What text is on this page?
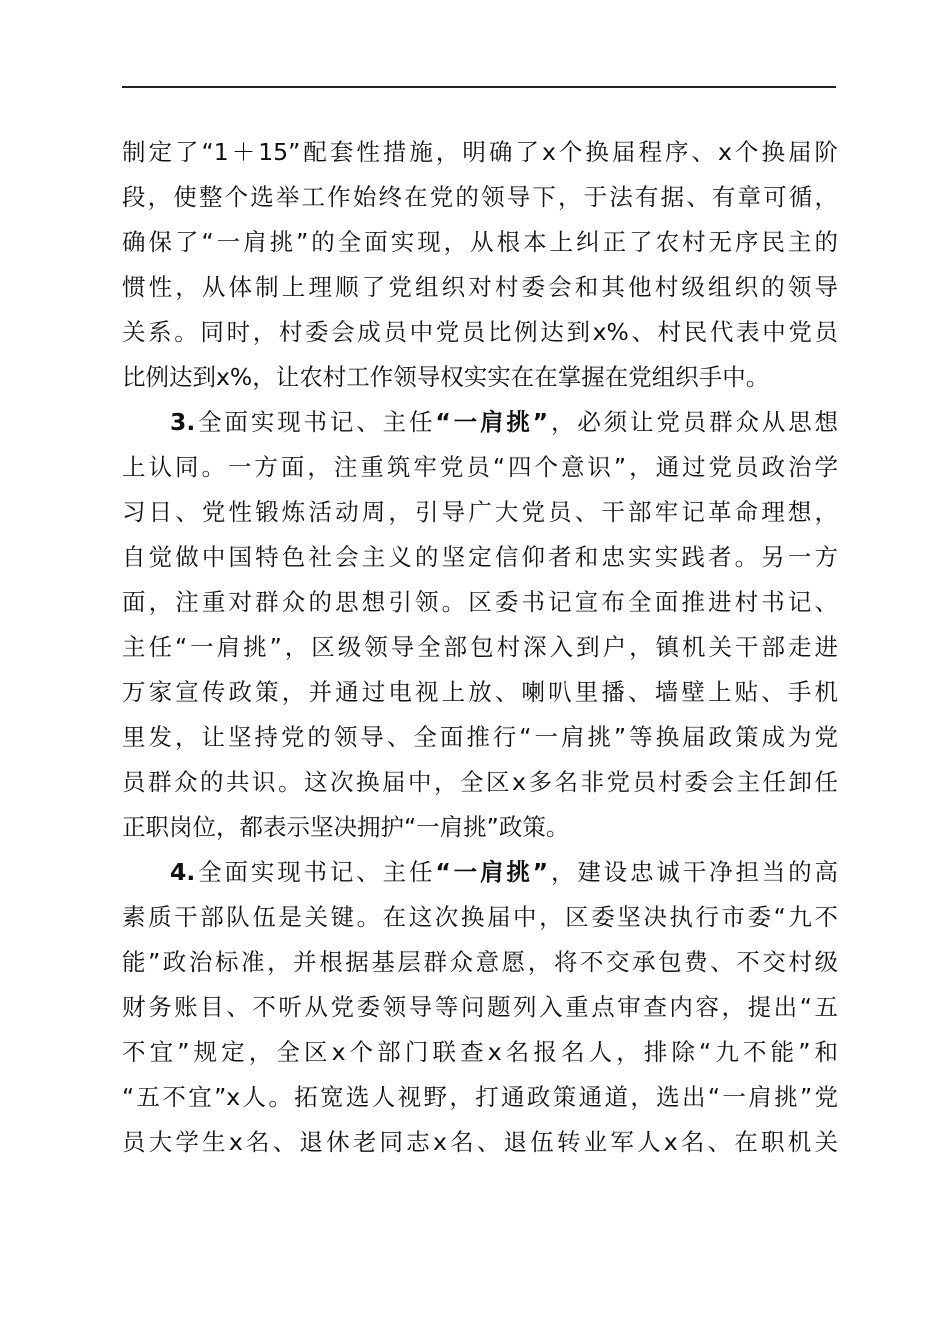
制定了“1＋15”配套性措施，明确了x个换届程序、x个换届阶
段，使整个选举工作始终在党的领导下，于法有据、有章可循，
确保了“一肩挑”的全面实现，从根本上纠正了农村无序民主的
惯性，从体制上理顺了党组织对村委会和其他村级组织的领导
关系。同时，村委会成员中党员比例达到x%、村民代表中党员
比例达到x%，让农村工作领导权实实在在掌握在党组织手中。
3.全面实现书记、主任“一肩挑”，必须让党员群众从思想
上认同。一方面，注重筑牢党员“四个意识”，通过党员政治学
习日、党性锻炼活动周，引导广大党员、干部牢记革命理想，
自觉做中国特色社会主义的坚定信仰者和忠实实践者。另一方
面，注重对群众的思想引领。区委书记宣布全面推进村书记、
主任“一肩挑”，区级领导全部包村深入到户，镇机关干部走进
万家宣传政策，并通过电视上放、喇叭里播、墙壁上贴、手机
里发，让坚持党的领导、全面推行“一肩挑”等换届政策成为党
员群众的共识。这次换届中，全区x多名非党员村委会主任卸任
正职岗位，都表示坚决拥护“一肩挑”政策。
4.全面实现书记、主任“一肩挑”，建设忠诚干净担当的高
素质干部队伍是关键。在这次换届中，区委坚决执行市委“九不
能”政治标准，并根据基层群众意愿，将不交承包费、不交村级
财务账目、不听从党委领导等问题列入重点审查内容，提出“五
不宜”规定，全区x个部门联查x名报名人，排除“九不能”和
“五不宜”x人。拓宽选人视野，打通政策通道，选出“一肩挑”党
员大学生x名、退休老同志x名、退伍转业军人x名、在职机关
